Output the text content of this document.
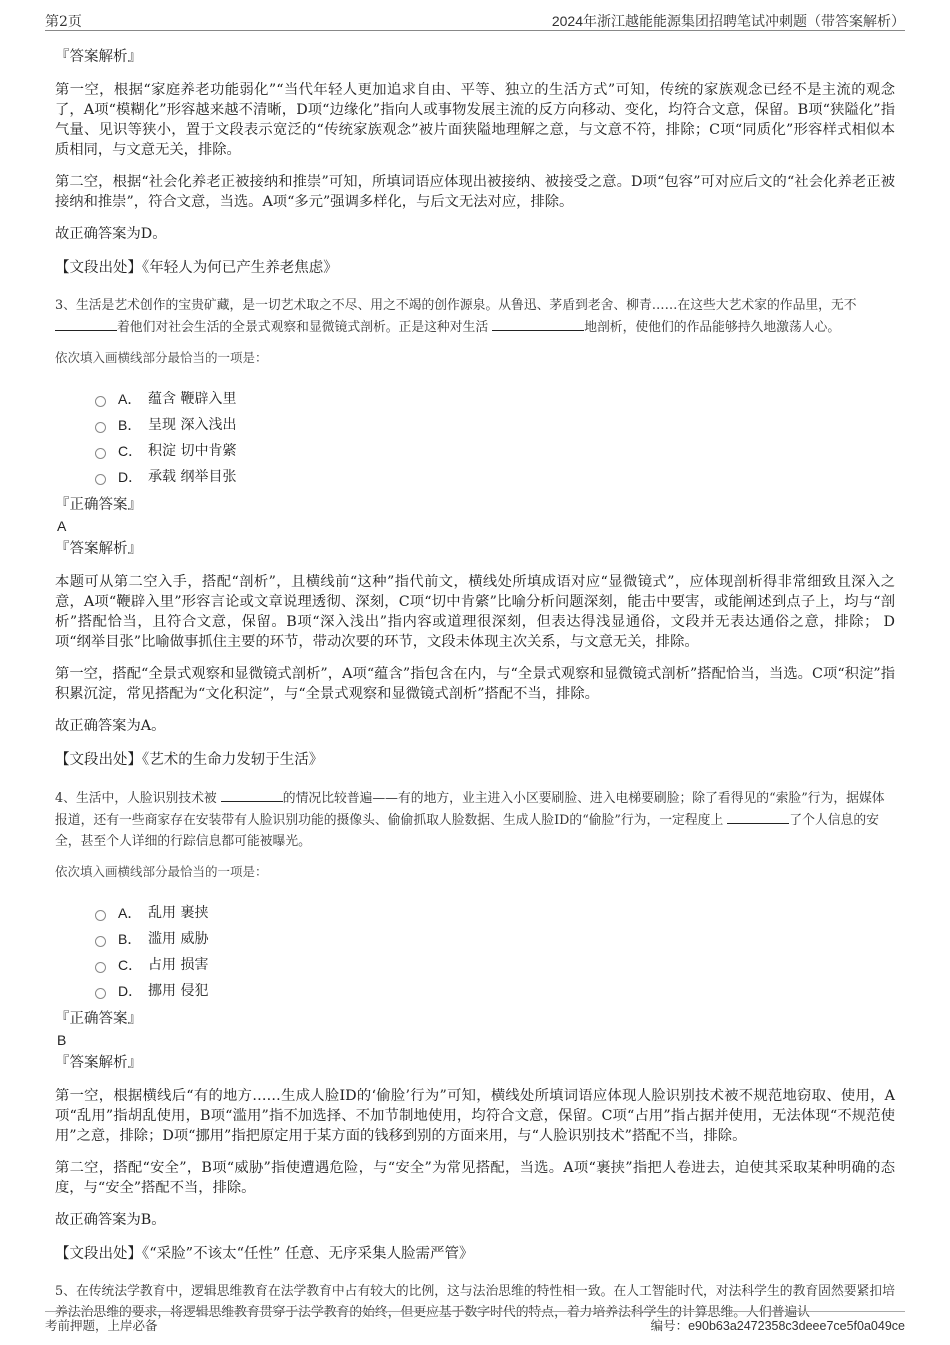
第2页	2024年浙江越能能源集团招聘笔试冲刺题（带答案解析）
『答案解析』

第一空，根据“家庭养老功能弱化”“当代年轻人更加追求自由、平等、独立的生活方式”可知，传统的家族观念已经不是主流的观念了，A项“模糊化”形容越来越不清晰，D项“边缘化”指向人或事物发展主流的反方向移动、变化，均符合文意，保留。B项“狭隘化”指气量、见识等狭小，置于文段表示宽泛的“传统家族观念”被片面狭隘地理解之意，与文意不符，排除；C项“同质化”形容样式相似本质相同，与文意无关，排除。

第二空，根据“社会化养老正被接纳和推崇”可知，所填词语应体现出被接纳、被接受之意。D项“包容”可对应后文的“社会化养老正被接纳和推崇”，符合文意，当选。A项“多元”强调多样化，与后文无法对应，排除。

故正确答案为D。

【文段出处】《年轻人为何已产生养老焦虑》

3、生活是艺术创作的宝贵矿藏，是一切艺术取之不尽、用之不竭的创作源泉。从鲁迅、茅盾到老舍、柳青……在这些大艺术家的作品里，无不着他们对社会生活的全景式观察和显微镜式剖析。正是这种对生活	地剖析，使他们的作品能够持久地激荡人心。

依次填入画横线部分最恰当的一项是：
A． 蕴含 鞭辟入里
B． 呈现 深入浅出
C． 积淀 切中肯綮
D． 承载 纲举目张
『正确答案』
A
『答案解析』

本题可从第二空入手，搭配“剖析”，且横线前“这种”指代前文，横线处所填成语对应“显微镜式”，应体现剖析得非常细致且深入之意，A项“鞭辟入里”形容言论或文章说理透彻、深刻，C项“切中肯綮”比喻分析问题深刻，能击中要害，或能阐述到点子上，均与“剖析”搭配恰当，且符合文意，保留。B项“深入浅出”指内容或道理很深刻，但表达得浅显通俗，文段并无表达通俗之意，排除； D项“纲举目张”比喻做事抓住主要的环节，带动次要的环节，文段未体现主次关系，与文意无关，排除。

第一空，搭配“全景式观察和显微镜式剖析”，A项“蕴含”指包含在内，与“全景式观察和显微镜式剖析”搭配恰当，当选。C项“积淀”指积累沉淀，常见搭配为“文化积淀”，与“全景式观察和显微镜式剖析”搭配不当，排除。

故正确答案为A。

【文段出处】《艺术的生命力发轫于生活》

4、生活中，人脸识别技术被	的情况比较普遍——有的地方，业主进入小区要刷脸、进入电梯要刷脸；除了看得见的“索脸”行为，据媒体报道，还有一些商家存在安装带有人脸识别功能的摄像头、偷偷抓取人脸数据、生成人脸ID的“偷脸”行为，一定程度上	了个人信息的安全，甚至个人详细的行踪信息都可能被曝光。

依次填入画横线部分最恰当的一项是：
A． 乱用 裹挟
B． 滥用 威胁
C． 占用 损害
D． 挪用 侵犯
『正确答案』
B
『答案解析』

第一空，根据横线后“有的地方……生成人脸ID的‘偷脸’行为”可知，横线处所填词语应体现人脸识别技术被不规范地窃取、使用，A项“乱用”指胡乱使用，B项“滥用”指不加选择、不加节制地使用，均符合文意，保留。C项“占用”指占据并使用，无法体现“不规范使用”之意，排除；D项“挪用”指把原定用于某方面的钱移到别的方面来用，与“人脸识别技术”搭配不当，排除。

第二空，搭配“安全”，B项“威胁”指使遭遇危险，与“安全”为常见搭配，当选。A项“裹挟”指把人卷进去，迫使其采取某种明确的态度，与“安全”搭配不当，排除。

故正确答案为B。

【文段出处】《“采脸”不该太“任性” 任意、无序采集人脸需严管》

5、在传统法学教育中，逻辑思维教育在法学教育中占有较大的比例，这与法治思维的特性相一致。在人工智能时代，对法科学生的教育固然要紧扣培养法治思维的要求，将逻辑思维教育贯穿于法学教育的始终，但更应基于数字时代的特点，着力培养法科学生的计算思维。人们普遍认

考前押题，上岸必备	编号：e90b63a2472358c3deee7ce5f0a049ce
